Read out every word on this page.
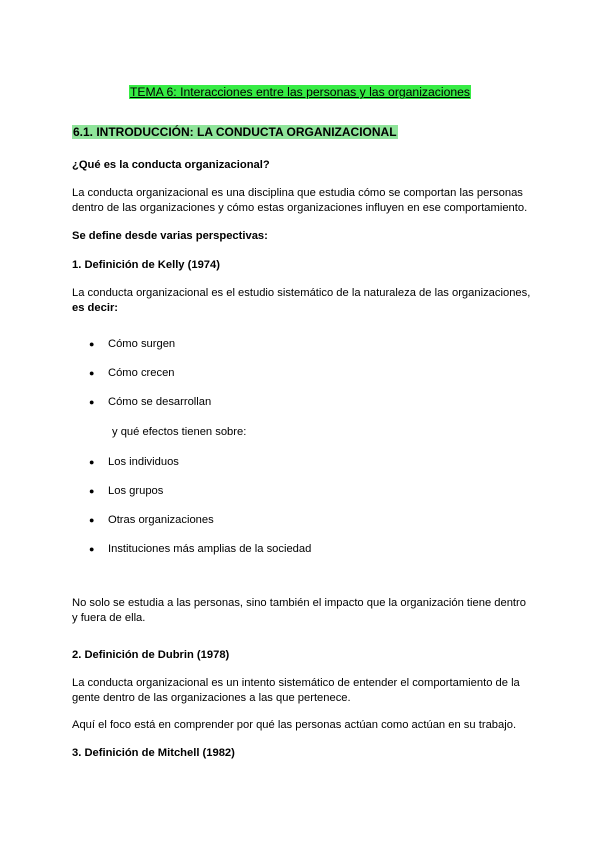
TEMA 6: Interacciones entre las personas y las organizaciones
6.1. INTRODUCCIÓN: LA CONDUCTA ORGANIZACIONAL
¿Qué es la conducta organizacional?
La conducta organizacional es una disciplina que estudia cómo se comportan las personas
dentro de las organizaciones y cómo estas organizaciones influyen en ese comportamiento.
Se define desde varias perspectivas:
1. Definición de Kelly (1974)
La conducta organizacional es el estudio sistemático de la naturaleza de las organizaciones,
es decir:
● Cómo surgen
● Cómo crecen
● Cómo se desarrollan
y qué efectos tienen sobre:
● Los individuos
● Los grupos
● Otras organizaciones
● Instituciones más amplias de la sociedad
No solo se estudia a las personas, sino también el impacto que la organización tiene dentro
y fuera de ella.
2. Definición de Dubrin (1978)
La conducta organizacional es un intento sistemático de entender el comportamiento de la
gente dentro de las organizaciones a las que pertenece.
Aquí el foco está en comprender por qué las personas actúan como actúan en su trabajo.
3. Definición de Mitchell (1982)
